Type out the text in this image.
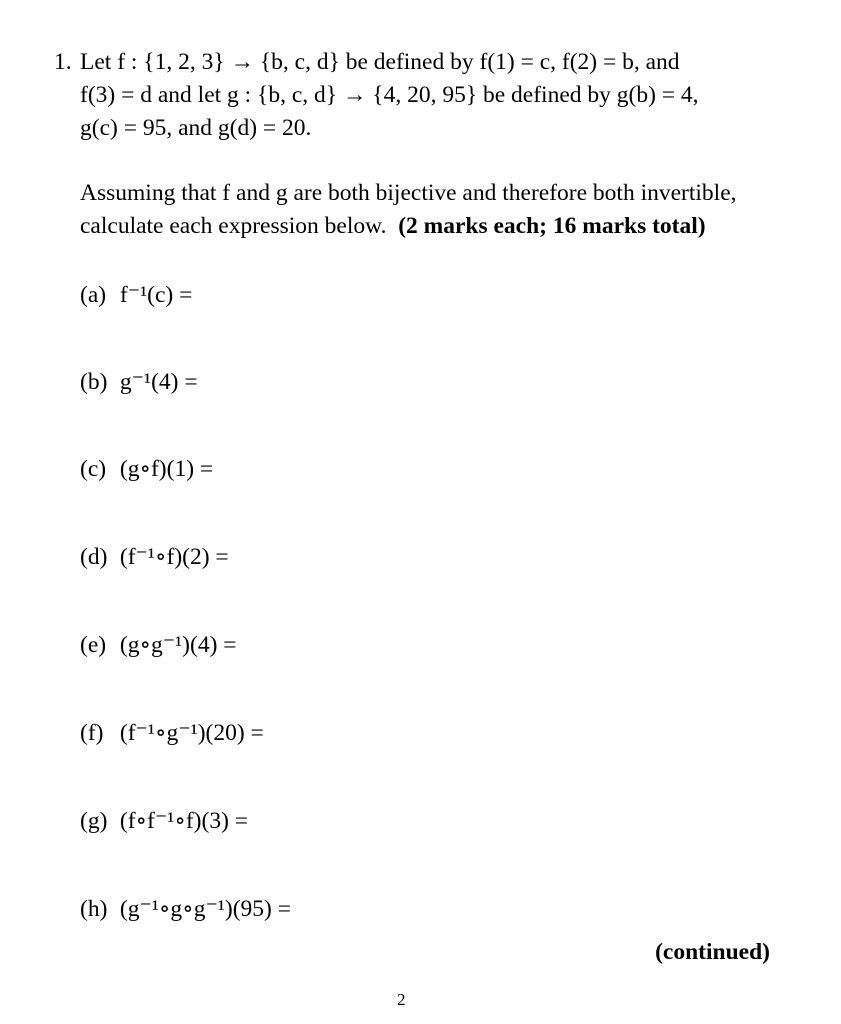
1. Let f : {1, 2, 3} → {b, c, d} be defined by f(1) = c, f(2) = b, and

f(3) = d and let g : {b, c, d} → {4, 20, 95} be defined by g(b) = 4,

g(c) = 95, and g(d) = 20.

Assuming that f and g are both bijective and therefore both invertible,

calculate each expression below. (2 marks each; 16 marks total)

(a) f⁻¹(c) =
(b) g⁻¹(4) =
(c) (g∘f)(1) =
(d) (f⁻¹∘f)(2) =
(e) (g∘g⁻¹)(4) =
(f) (f⁻¹∘g⁻¹)(20) =
(g) (f∘f⁻¹∘f)(3) =
(h) (g⁻¹∘g∘g⁻¹)(95) =
(continued)
2
